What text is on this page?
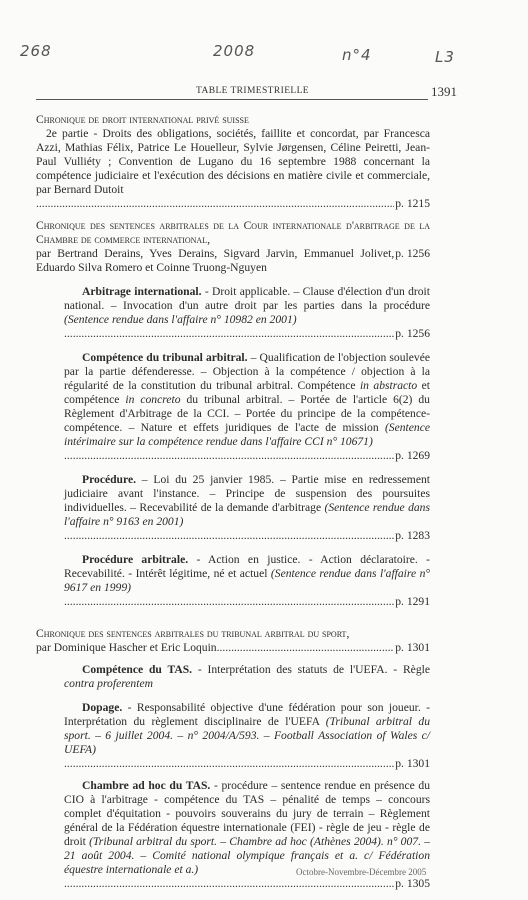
268	2008	n°4	L3
TABLE TRIMESTRIELLE	1391

Chronique de droit international privé suisse

2e partie - Droits des obligations, sociétés, faillite et concordat, par Francesca Azzi, Mathias Félix, Patrice Le Houelleur, Sylvie Jørgensen, Céline Peiretti, Jean-Paul Vulliéty ; Convention de Lugano du 16 septembre 1988 concernant la compétence judiciaire et l'exécution des décisions en matière civile et commerciale, par Bernard Dutoit
.....
p. 1215

Chronique des sentences arbitrales de la Cour internationale d'arbitrage de la Chambre de commerce international,

par Bertrand Derains, Yves Derains, Sigvard Jarvin, Emmanuel Jolivet, Eduardo Silva Romero et Coinne Truong-Nguyen
p. 1256

Arbitrage international. - Droit applicable. – Clause d'élection d'un droit national. – Invocation d'un autre droit par les parties dans la procédure (Sentence rendue dans l'affaire n° 10982 en 2001)

.....
p. 1256

Compétence du tribunal arbitral. – Qualification de l'objection soulevée par la partie défenderesse. – Objection à la compétence / objection à la régularité de la constitution du tribunal arbitral. Compétence in abstracto et compétence in concreto du tribunal arbitral. – Portée de l'article 6(2) du Règlement d'Arbitrage de la CCI. – Portée du principe de la compétence-compétence. – Nature et effets juridiques de l'acte de mission (Sentence intérimaire sur la compétence rendue dans l'affaire CCI n° 10671)

.....
p. 1269

Procédure. – Loi du 25 janvier 1985. – Partie mise en redressement judiciaire avant l'instance. – Principe de suspension des poursuites individuelles. – Recevabilité de la demande d'arbitrage (Sentence rendue dans l'affaire n° 9163 en 2001)

.....
p. 1283

Procédure arbitrale. - Action en justice. - Action déclaratoire. - Recevabilité. - Intérêt légitime, né et actuel (Sentence rendue dans l'affaire n° 9617 en 1999)

.....
p. 1291

Chronique des sentences arbitrales du tribunal arbitral du sport,

par Dominique Hascher et Eric Loquin
.....	p. 1301

Compétence du TAS. - Interprétation des statuts de l'UEFA. - Règle contra proferentem

Dopage. - Responsabilité objective d'une fédération pour son joueur. - Interprétation du règlement disciplinaire de l'UEFA (Tribunal arbitral du sport. – 6 juillet 2004. – n° 2004/A/593. – Football Association of Wales c/ UEFA)

.....
p. 1301

Chambre ad hoc du TAS. - procédure – sentence rendue en présence du CIO à l'arbitrage - compétence du TAS – pénalité de temps – concours complet d'équitation - pouvoirs souverains du jury de terrain – Règlement général de la Fédération équestre internationale (FEI) - règle de jeu - règle de droit (Tribunal arbitral du sport. – Chambre ad hoc (Athènes 2004). n° 007. – 21 août 2004. – Comité national olympique français et a. c/ Fédération équestre internationale et a.)

.....
p. 1305
Octobre-Novembre-Décembre 2005
